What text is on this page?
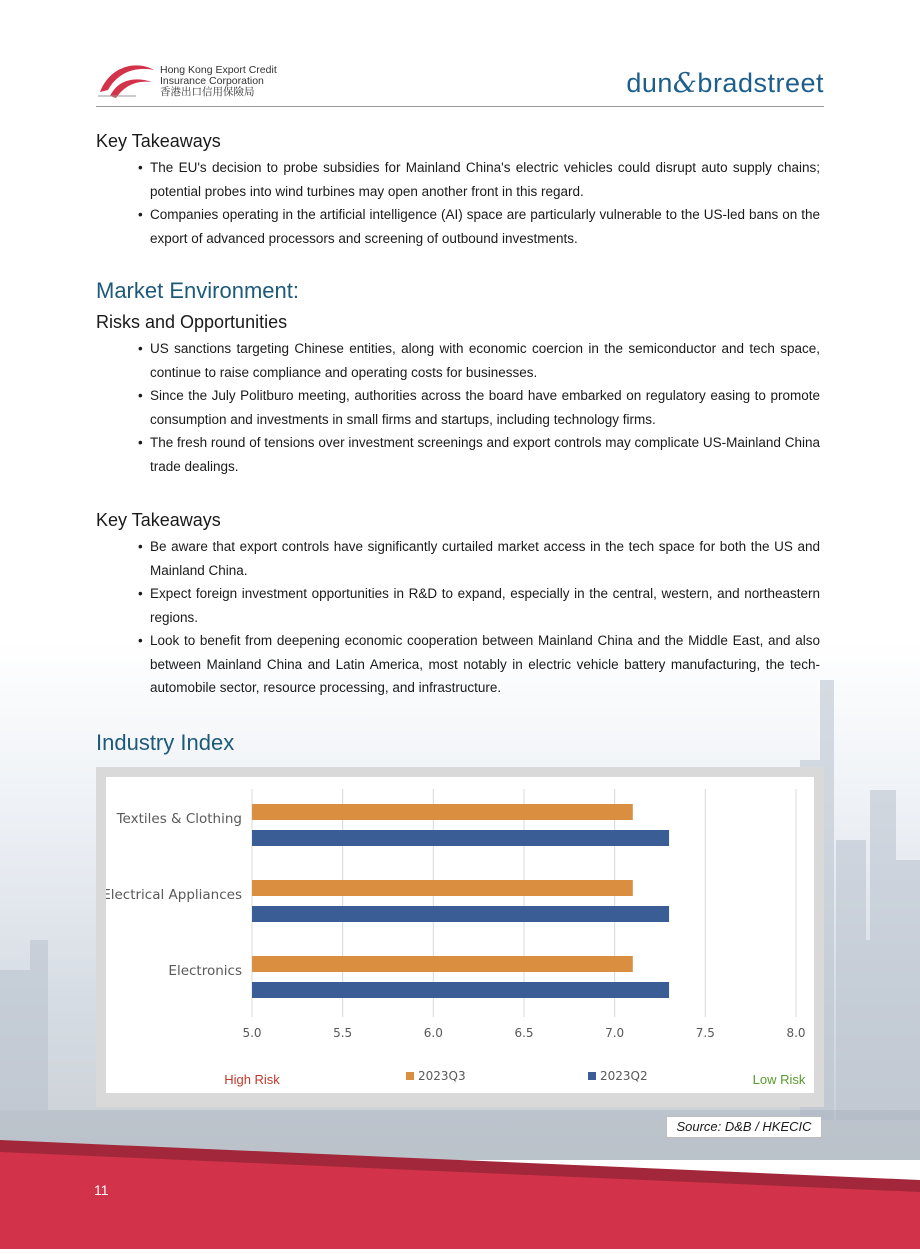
Hong Kong Export Credit
Insurance Corporation
香港出口信用保險局	dun&bradstreet
Key Takeaways
• The EU's decision to probe subsidies for Mainland China's electric vehicles could disrupt auto supply chains; potential probes into wind turbines may open another front in this regard.
• Companies operating in the artificial intelligence (AI) space are particularly vulnerable to the US-led bans on the export of advanced processors and screening of outbound investments.
Market Environment:
Risks and Opportunities
• US sanctions targeting Chinese entities, along with economic coercion in the semiconductor and tech space, continue to raise compliance and operating costs for businesses.
• Since the July Politburo meeting, authorities across the board have embarked on regulatory easing to promote consumption and investments in small firms and startups, including technology firms.
• The fresh round of tensions over investment screenings and export controls may complicate US-Mainland China trade dealings.
Key Takeaways
• Be aware that export controls have significantly curtailed market access in the tech space for both the US and Mainland China.
• Expect foreign investment opportunities in R&D to expand, especially in the central, western, and northeastern regions.
• Look to benefit from deepening economic cooperation between Mainland China and the Middle East, and also between Mainland China and Latin America, most notably in electric vehicle battery manufacturing, the tech-automobile sector, resource processing, and infrastructure.
Industry Index
Textiles & Clothing
Electrical Appliances
Electronics
5.0	5.5	6.0	6.5	7.0	7.5	8.0
2023Q3	2023Q2
High Risk	Low Risk
Source: D&B / HKECIC
11
